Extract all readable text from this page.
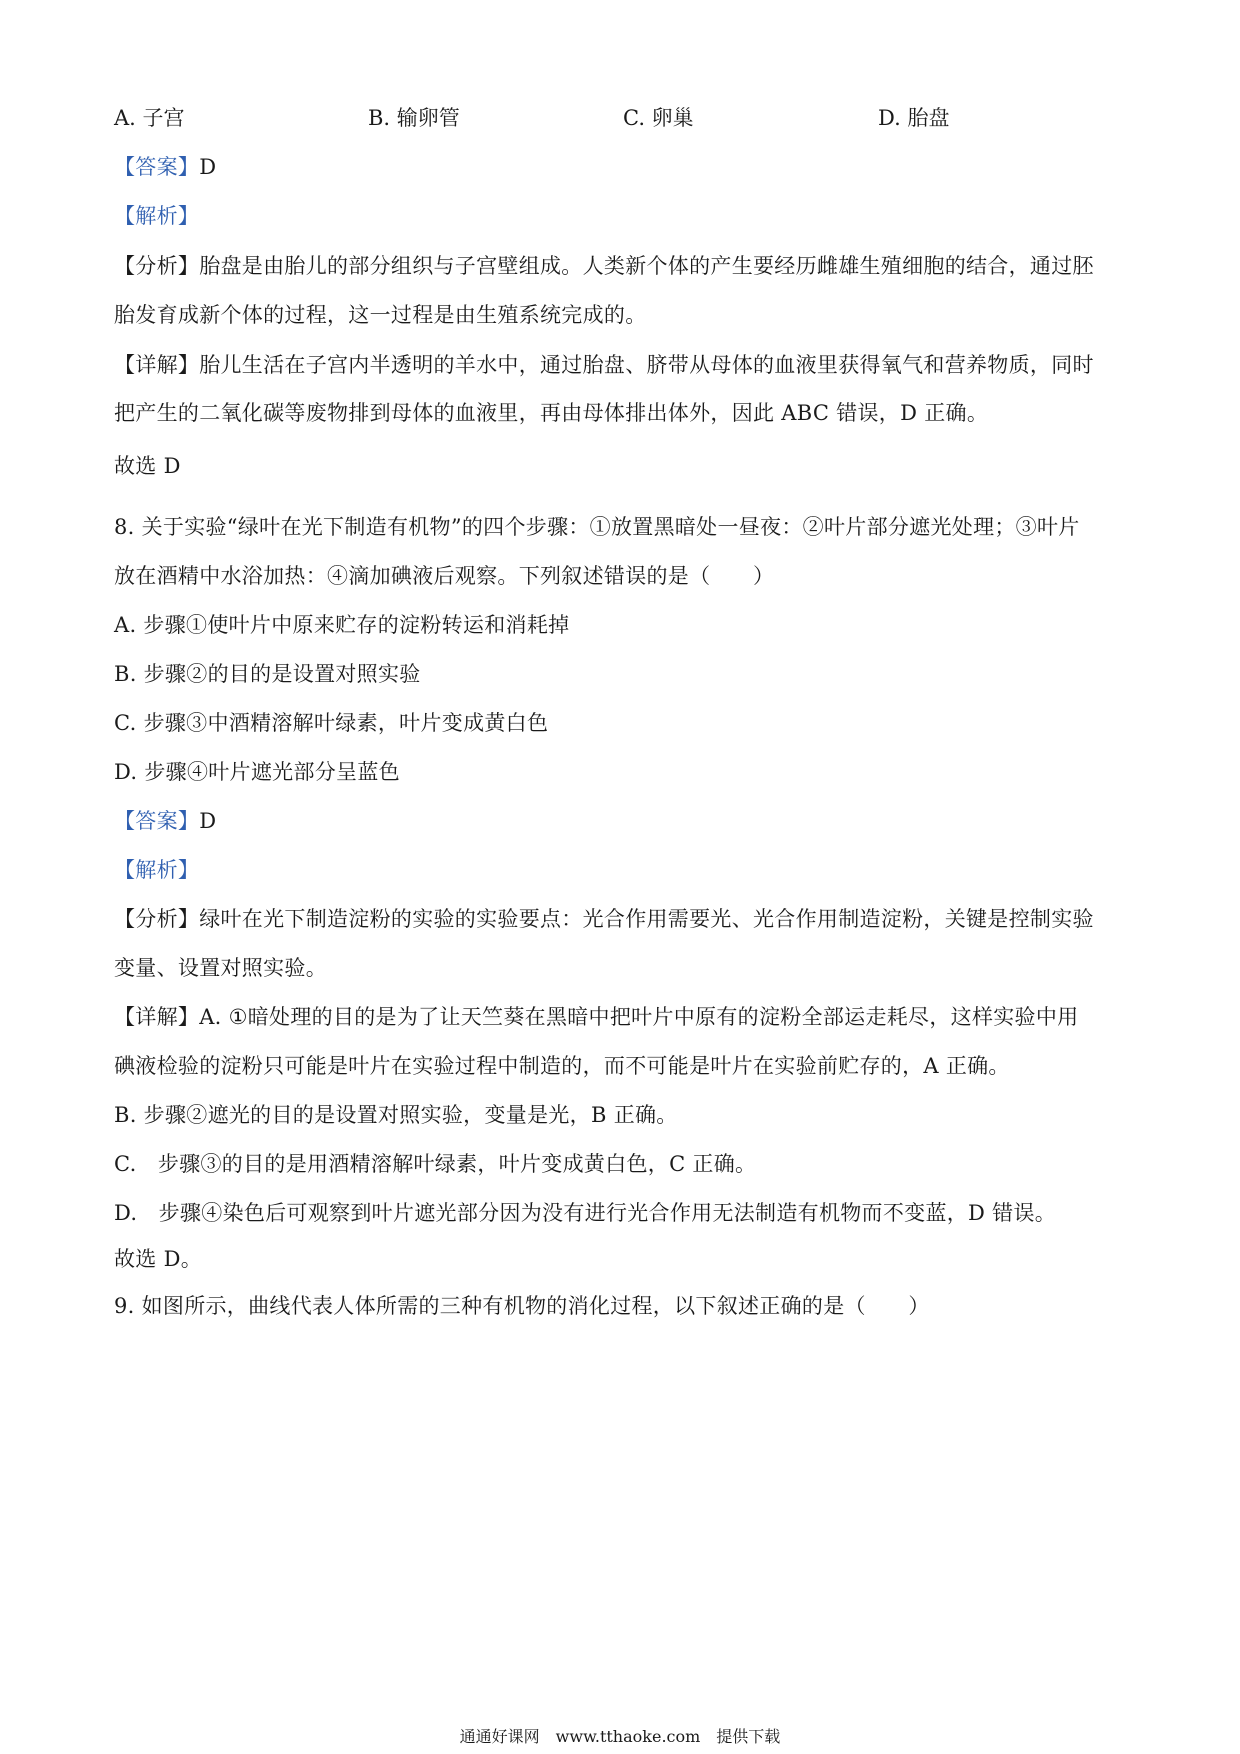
A. 子宫	B. 输卵管	C. 卵巢	D. 胎盘
【答案】D
【解析】
【分析】胎盘是由胎儿的部分组织与子宫壁组成。人类新个体的产生要经历雌雄生殖细胞的结合，通过胚
胎发育成新个体的过程，这一过程是由生殖系统完成的。
【详解】胎儿生活在子宫内半透明的羊水中，通过胎盘、脐带从母体的血液里获得氧气和营养物质，同时
把产生的二氧化碳等废物排到母体的血液里，再由母体排出体外，因此 ABC 错误，D 正确。
故选 D
8. 关于实验“绿叶在光下制造有机物”的四个步骤：①放置黑暗处一昼夜：②叶片部分遮光处理；③叶片
放在酒精中水浴加热：④滴加碘液后观察。下列叙述错误的是（　　）
A. 步骤①使叶片中原来贮存的淀粉转运和消耗掉
B. 步骤②的目的是设置对照实验
C. 步骤③中酒精溶解叶绿素，叶片变成黄白色
D. 步骤④叶片遮光部分呈蓝色
【答案】D
【解析】
【分析】绿叶在光下制造淀粉的实验的实验要点：光合作用需要光、光合作用制造淀粉，关键是控制实验
变量、设置对照实验。
【详解】A. ①暗处理的目的是为了让天竺葵在黑暗中把叶片中原有的淀粉全部运走耗尽，这样实验中用
碘液检验的淀粉只可能是叶片在实验过程中制造的，而不可能是叶片在实验前贮存的，A 正确。
B. 步骤②遮光的目的是设置对照实验，变量是光，B 正确。
C.　步骤③的目的是用酒精溶解叶绿素，叶片变成黄白色，C 正确。
D.　步骤④染色后可观察到叶片遮光部分因为没有进行光合作用无法制造有机物而不变蓝，D 错误。
故选 D。
9. 如图所示，曲线代表人体所需的三种有机物的消化过程，以下叙述正确的是（　　）
通通好课网　www.tthaoke.com　提供下载
